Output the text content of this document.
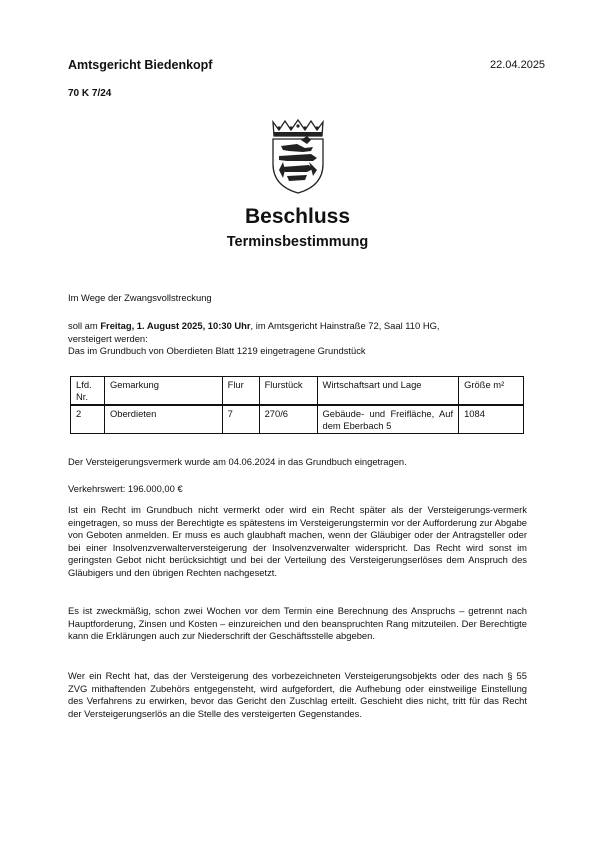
Amtsgericht Biedenkopf	22.04.2025
70 K 7/24
Beschluss
Terminsbestimmung
Im Wege der Zwangsvollstreckung
soll am Freitag, 1. August 2025, 10:30 Uhr, im Amtsgericht Hainstraße 72, Saal 110 HG,
versteigert werden:
Das im Grundbuch von Oberdieten Blatt 1219 eingetragene Grundstück
Lfd. Nr.	Gemarkung	Flur	Flurstück	Wirtschaftsart und Lage	Größe m²
2	Oberdieten	7	270/6	Gebäude- und Freifläche, Auf dem Eberbach 5	1084
Der Versteigerungsvermerk wurde am 04.06.2024 in das Grundbuch eingetragen.
Verkehrswert: 196.000,00 €
Ist ein Recht im Grundbuch nicht vermerkt oder wird ein Recht später als der Versteigerungs-vermerk eingetragen, so muss der Berechtigte es spätestens im Versteigerungstermin vor der Aufforderung zur Abgabe von Geboten anmelden. Er muss es auch glaubhaft machen, wenn der Gläubiger oder der Antragsteller oder bei einer Insolvenzverwalterversteigerung der Insolvenzverwalter widerspricht. Das Recht wird sonst im geringsten Gebot nicht berücksichtigt und bei der Verteilung des Versteigerungserlöses dem Anspruch des Gläubigers und den übrigen Rechten nachgesetzt.
Es ist zweckmäßig, schon zwei Wochen vor dem Termin eine Berechnung des Anspruchs – getrennt nach Hauptforderung, Zinsen und Kosten – einzureichen und den beanspruchten Rang mitzuteilen. Der Berechtigte kann die Erklärungen auch zur Niederschrift der Geschäftsstelle abgeben.
Wer ein Recht hat, das der Versteigerung des vorbezeichneten Versteigerungsobjekts oder des nach § 55 ZVG mithaftenden Zubehörs entgegensteht, wird aufgefordert, die Aufhebung oder einstweilige Einstellung des Verfahrens zu erwirken, bevor das Gericht den Zuschlag erteilt. Geschieht dies nicht, tritt für das Recht der Versteigerungserlös an die Stelle des versteigerten Gegenstandes.
